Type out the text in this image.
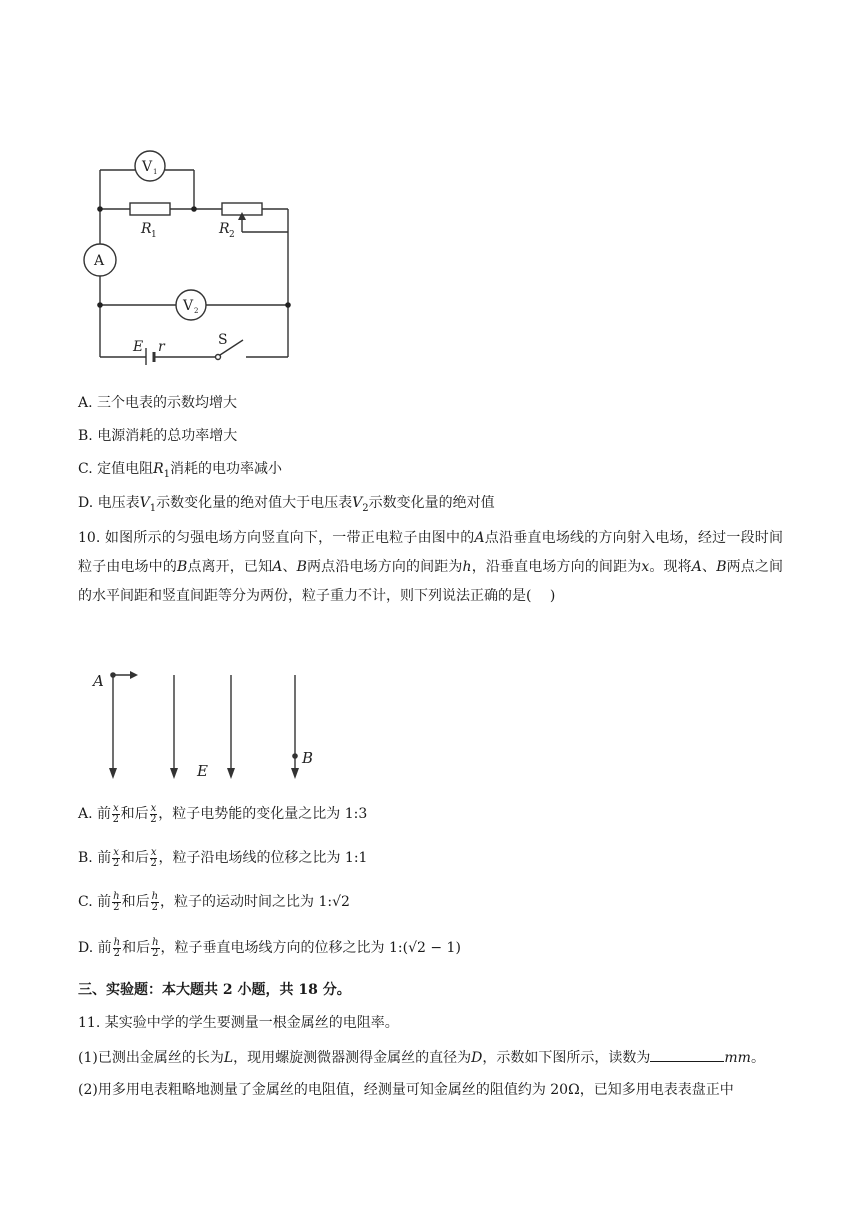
V 1
V 2
A
R 1	R 2
E r	S
A. 三个电表的示数均增大
B. 电源消耗的总功率增大
C. 定值电阻$R_1$消耗的电功率减小
D. 电压表$V_1$示数变化量的绝对值大于电压表$V_2$示数变化量的绝对值
10. 如图所示的匀强电场方向竖直向下，一带正电粒子由图中的A点沿垂直电场线的方向射入电场，经过一段时间粒子由电场中的B点离开，已知A、B两点沿电场方向的间距为h，沿垂直电场方向的间距为x。现将A、B两点之间的水平间距和竖直间距等分为两份，粒子重力不计，则下列说法正确的是(　 )
A
B
E
A. 前 $\frac{x}{2}$ 和后 $\frac{x}{2}$ ，粒子电势能的变化量之比为 1:3
B. 前 $\frac{x}{2}$ 和后 $\frac{x}{2}$ ，粒子沿电场线的位移之比为 1:1
C. 前 $\frac{h}{2}$ 和后 $\frac{h}{2}$ ，粒子的运动时间之比为 1:√2
D. 前 $\frac{h}{2}$ 和后 $\frac{h}{2}$ ，粒子垂直电场线方向的位移之比为 1:(√2 − 1)
三、实验题：本大题共 2 小题，共 18 分。
11. 某实验中学的学生要测量一根金属丝的电阻率。
(1)已测出金属丝的长为L，现用螺旋测微器测得金属丝的直径为D，示数如下图所示，读数为	mm。
(2)用多用电表粗略地测量了金属丝的电阻值，经测量可知金属丝的阻值约为 20Ω，已知多用电表表盘正中
